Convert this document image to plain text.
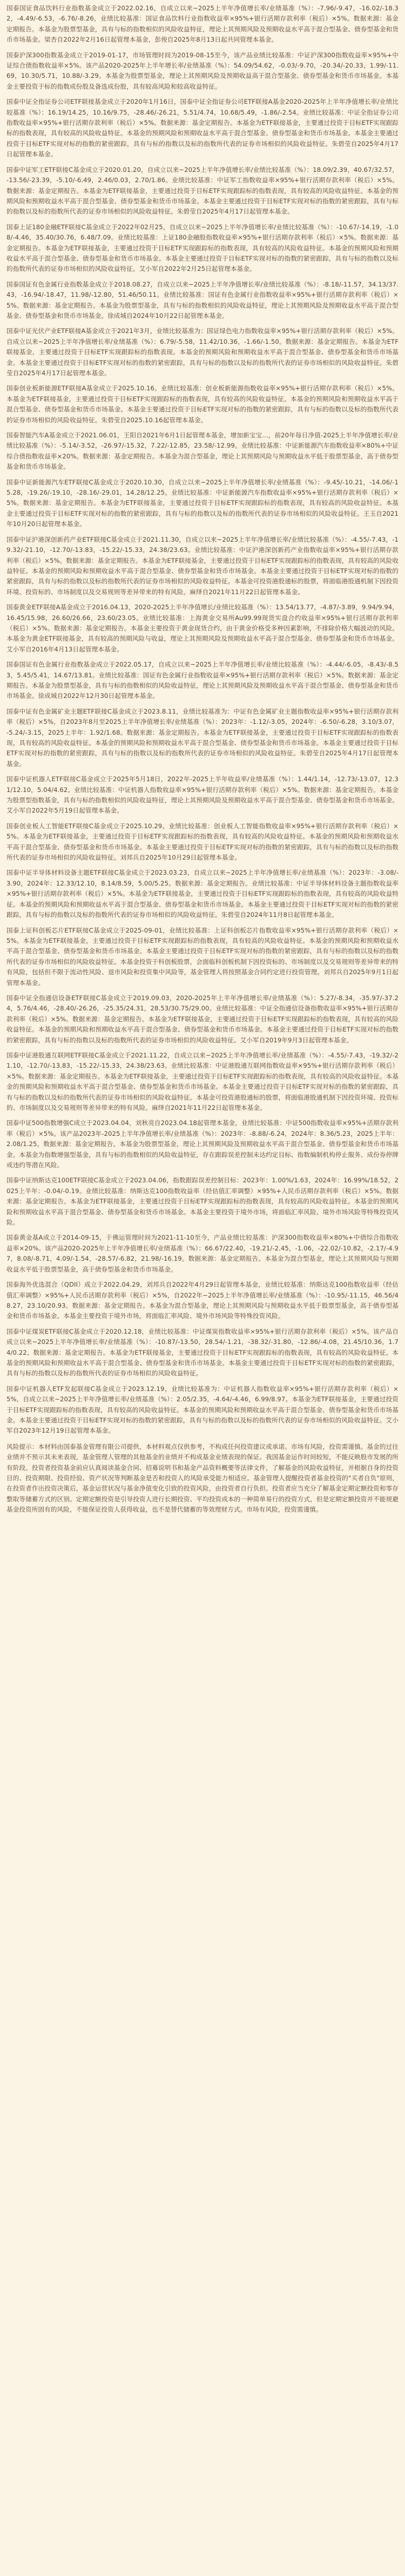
国泰国证食品饮料行业指数基金成立于2022.02.16，自成立以来~2025上半年净值增长率/业绩基准（%）：-7.96/-9.47，-16.02/-18.32，-4.49/-6.53，-6.76/-8.26，业绩比较基准：国证食品饮料行业指数收益率×95%+银行活期存款利率（税后）×5%。数据来源：基金定期报告。本基金为股票型基金，具有与标的指数相似的风险收益特征，理论上其预期风险及预期收益水平高于混合型基金、债券型基金和货币市场基金。梁杏自2022年2月16日起管理本基金，彭俊自2025年8月13日起共同管理本基金。

国泰沪深300指数基金成立于2019-01-17，市场管理时间为2019-08-15至今，该产品业绩比较基准：中证沪深300指数收益率×95%+中证综合债指数收益率×5%。该产品2020-2025年上半年增长率/业绩基准（%）：54.09/54.62，-0.03/-9.70，-20.34/-20.33，1.99/-11.69，10.30/5.71，10.88/-3.29。本基金为股票型基金，理论上其预期风险及预期收益高于混合型基金、债券型基金和货币市场基金。本基金主要投资于标的指数成份股及备选成份股，具有较高风险和较高收益特征。

国泰中证全指证券公司ETF联接基金成立于2020年1月16日，国泰中证全指证券公司ETF联接A基金2020-2025年上半年净值增长率/业绩比较基准（%）：16.19/14.25，10.16/9.75，-28.46/-26.21，5.51/4.74，10.68/5.49，-1.86/-2.54。业绩比较基准：中证全指证券公司指数收益率×95%+银行活期存款利率（税后）×5%。数据来源：基金定期报告。本基金为ETF联接基金，主要通过投资于目标ETF实现跟踪标的指数表现，具有较高的风险收益特征。本基金的预期风险和预期收益水平高于混合型基金、债券型基金和货币市场基金。本基金主要通过投资于目标ETF实现对标的指数的紧密跟踪，具有与标的指数以及标的指数所代表的证券市场相似的风险收益特征。朱碧莹自2025年4月17日起管理本基金。

国泰中证军工ETF联接C基金成立于2020.01.20，自成立以来~2025上半年净值增长率/业绩比较基准（%）：18.09/2.39，40.67/32.57，-13.56/-23.39，-5.10/-6.49，2.46/0.03，2.70/1.86。业绩比较基准：中证军工指数收益率×95%+银行活期存款利率（税后）×5%。数据来源：基金定期报告。本基金为ETF联接基金，主要通过投资于目标ETF实现跟踪标的指数表现，具有较高的风险收益特征。本基金的预期风险和预期收益水平高于混合型基金、债券型基金和货币市场基金。本基金主要通过投资于目标ETF实现对标的指数的紧密跟踪，具有与标的指数以及标的指数所代表的证券市场相似的风险收益特征。朱碧莹自2025年4月17日起管理本基金。

国泰上证180金融ETF联接C基金成立于2022年02月25，自成立以来~2025上半年净值增长率/业绩比较基准（%）：-10.67/-14.19，-1.08/-4.46，35.40/30.76，6.48/7.09。业绩比较基准：上证180金融股指数收益率×95%+银行活期存款利率（税后）×5%。数据来源：基金定期报告。本基金为ETF联接基金，主要通过投资于目标ETF实现跟踪标的指数表现，具有较高的风险收益特征。本基金的预期风险和预期收益水平高于混合型基金、债券型基金和货币市场基金。本基金主要通过投资于目标ETF实现对标的指数的紧密跟踪，具有与标的指数以及标的指数所代表的证券市场相似的风险收益特征。艾小军自2022年2月25日起管理本基金。

国泰国证有色金属行业指数基金成立于2018.08.27，自成立以来~2025上半年净值增长率/业绩比较基准（%）：-8.18/-11.57，34.13/37.43，-16.94/-18.47，11.98/-12.80，51.46/50.11。业绩比较基准：国证有色金属行业指数收益率×95%+银行活期存款利率（税后）×5%。数据来源：基金定期报告。本基金为股票型基金，具有与标的指数相似的风险收益特征，理论上其预期风险及预期收益水平高于混合型基金、债券型基金和货币市场基金。徐成城自2024年10月22日起管理本基金。

国泰中证光伏产业ETF联接A基金成立于2021年3月，业绩比较基准为：国证绿色电力指数收益率×95%+银行活期存款利率（税后）×5%。自成立以来~2025上半年净值增长率/业绩基准（%）：6.79/-5.58，11.42/10.36，-1.66/-1.50。数据来源：基金定期报告。本基金为ETF联接基金，主要通过投资于目标ETF实现跟踪标的指数表现。本基金的预期风险和预期收益水平高于混合型基金、债券型基金和货币市场基金。本基金主要通过投资于目标ETF实现对标的指数的紧密跟踪，具有与标的指数以及标的指数所代表的证券市场相似的风险收益特征。朱碧莹自2025年4月17日起管理本基金。

国泰创业板新能源ETF联接A基金成立于2025.10.16。业绩比较基准：创业板新能源指数收益率×95%+银行活期存款利率（税后）×5%。本基金为ETF联接基金，主要通过投资于目标ETF实现跟踪标的指数表现，具有较高的风险收益特征。本基金的预期风险和预期收益水平高于混合型基金、债券型基金和货币市场基金。本基金主要通过投资于目标ETF实现对标的指数的紧密跟踪，具有与标的指数以及标的指数所代表的证券市场相似的风险收益特征。朱碧莹自2025.10.16起管理本基金。

国泰智能汽车A基金成立于2021.06.01，王阳自2021年6月1日起管理本基金，增加新宝宝...，前20年每日净值-2025上半年净值增长率/业绩比较基准（%）：-5.14/-3.52，-26.97/-15.32，7.22/-12.85，23.58/-12.99。业绩比较基准：中证新能源汽车指数收益率×80%+中证综合债指数收益率×20%。数据来源：基金定期报告。本基金为混合型基金，理论上其预期风险与预期收益水平低于股票型基金，高于债券型基金和货币市场基金。

国泰中证新能源汽车ETF联接C基金成立于2020.10.30，自成立以来~2025上半年净值增长率/业绩基准（%）：-9.45/-10.21，-14.06/-15.28，-19.26/-19.10，-28.16/-29.01，14.28/12.25。业绩比较基准：中证新能源汽车指数收益率×95%+银行活期存款利率（税后）×5%。数据来源：基金定期报告。本基金为ETF联接基金，主要通过投资于目标ETF实现跟踪标的指数表现，具有较高的风险收益特征。本基金主要通过投资于目标ETF实现对标的指数的紧密跟踪，具有与标的指数以及标的指数所代表的证券市场相似的风险收益特征。王玉自2021年10月20日起管理本基金。

国泰中证沪港深创新药产业ETF联接C基金成立于2021.11.30，自成立以来~2025上半年净值增长率/业绩比较基准（%）：-4.55/-7.43，-19.32/-21.10，-12.70/-13.83，-15.22/-15.33，24.38/23.63。业绩比较基准：中证沪港深创新药产业指数收益率×95%+银行活期存款利率（税后）×5%。数据来源：基金定期报告。本基金为ETF联接基金，主要通过投资于目标ETF实现跟踪标的指数表现，具有较高的风险收益特征。本基金的预期风险和预期收益水平高于混合型基金、债券型基金和货币市场基金。本基金主要通过投资于目标ETF实现对标的指数的紧密跟踪，具有与标的指数以及标的指数所代表的证券市场相似的风险收益特征。本基金可投资港股通标的股票，将面临港股通机制下因投资环境、投资标的、市场制度以及交易规则等差异带来的特有风险。麻绎自2021年11月22日起管理本基金。

国泰黄金ETF联接A基金成立于2016.04.13，2020-2025上半年净值增长/业绩比较基准（%）：13.54/13.77，-4.87/-3.89，9.94/9.94，16.45/15.98，26.60/26.66，23.60/23.05。业绩比较基准：上海黄金交易所Au99.99现货实盘合约收益率×95%+银行活期存款利率（税后）×5%。数据来源：基金定期报告。本基金主要投资于黄金现货合约，由于黄金价格受多种因素影响，不排除价格大幅波动的风险。本基金为黄金ETF联接基金，具有较高的预期风险与收益，理论上其预期风险及预期收益水平高于混合型基金、债券型基金和货币市场基金。艾小军自2016年4月13日起管理本基金。

国泰国证有色金属行业指数基金成立于2022.05.17，自成立以来~2025上半年净值增长率/业绩比较基准（%）：-4.44/-6.05，-8.43/-8.53，5.45/5.41，14.67/13.81。业绩比较基准：国证有色金属行业指数收益率×95%+银行活期存款利率（税后）×5%。数据来源：基金定期报告。本基金为股票型基金，具有与标的指数相似的风险收益特征，理论上其预期风险及预期收益水平高于混合型基金、债券型基金和货币市场基金。徐成城自2022年12月30日起管理本基金。

国泰中证有色金属矿业主题ETF联接C基金成立于2023.8.11，业绩比较基准为：中证有色金属矿业主题指数收益率×95%+银行活期存款利率（税后）×5%，自2023年8月至2025上半年净值增长率/业绩基准（%）：2023年：-1.12/-3.05，2024年：-6.50/-6.28，3.10/3.07，-5.24/-3.15，2025上半年：1.92/1.68。数据来源：基金定期报告。本基金为ETF联接基金，主要通过投资于目标ETF实现跟踪标的指数表现，具有较高的风险收益特征。本基金的预期风险和预期收益水平高于混合型基金、债券型基金和货币市场基金。本基金主要通过投资于目标ETF实现对标的指数的紧密跟踪，具有与标的指数以及标的指数所代表的证券市场相似的风险收益特征。朱碧莹自2025年4月17日起管理本基金。

国泰中证机器人ETF联接C基金成立于2025年5月18日，2022年-2025上半年收益率/业绩基准（%）：1.44/1.14，-12.73/-13.07，12.31/12.10，5.04/4.62。业绩比较基准：中证机器人指数收益率×95%+银行活期存款利率（税后）×5%。数据来源：基金定期报告。本基金为股票型指数基金，具有与标的指数相似的风险收益特征，理论上其预期风险及预期收益水平高于混合型基金、债券型基金和货币市场基金。艾小军自2022年5月19日起管理本基金。

国泰创业板人工智能ETF联接C基金成立于2025.10.29。业绩比较基准：创业板人工智能指数收益率×95%+银行活期存款利率（税后）×5%。本基金为ETF联接基金，主要通过投资于目标ETF实现跟踪标的指数表现，具有较高的风险收益特征。本基金的预期风险和预期收益水平高于混合型基金、债券型基金和货币市场基金。本基金主要通过投资于目标ETF实现对标的指数的紧密跟踪，具有与标的指数以及标的指数所代表的证券市场相似的风险收益特征。刘邦兵自2025年10月29日起管理本基金。

国泰中证半导体材料设备主题ETF联接C基金成立于2023.03.23，自成立以来~2025上半年净值增长率/业绩基准（%）：2023年：-3.08/-3.90，2024年：12.33/12.10，8.14/8.59，5.00/5.25。数据来源：基金定期报告。业绩比较基准：中证半导体材料设备主题指数收益率×95%+银行活期存款利率（税后）×5%。本基金为ETF联接基金，主要通过投资于目标ETF实现跟踪标的指数表现，具有较高的风险收益特征。本基金的预期风险和预期收益水平高于混合型基金、债券型基金和货币市场基金。本基金主要通过投资于目标ETF实现对标的指数的紧密跟踪，具有与标的指数以及标的指数所代表的证券市场相似的风险收益特征。朱碧莹自2024年11月8日起管理本基金。

国泰上证科创板芯片ETF联接C基金成立于2025-09-01，业绩比较基准：上证科创板芯片指数收益率×95%+银行活期存款利率（税后）×5%。本基金为ETF联接基金，主要通过投资于目标ETF实现跟踪标的指数表现，具有较高的风险收益特征。本基金的预期风险和预期收益水平高于混合型基金、债券型基金和货币市场基金。本基金主要通过投资于目标ETF实现对标的指数的紧密跟踪，具有与标的指数以及标的指数所代表的证券市场相似的风险收益特征。本基金投资于科创板股票，会面临科创板机制下因投资标的、市场制度以及交易规则等差异带来的特有风险，包括但不限于流动性风险、退市风险和投资集中风险等，基金管理人将按照基金合同约定进行投资管理。刘邦兵自2025年9月1日起管理本基金。

国泰中证全指通信设备ETF联接C基金成立于2019.09.03，2020-2025年上半年净值增长率/业绩基准（%）：5.27/-8.34，-35.97/-37.24，5.76/4.46，-28.40/-26.26，-25.35/24.31，28.53/30.75/29.00。业绩比较基准：中证全指通信设备指数收益率×95%+银行活期存款利率（税后）×5%。数据来源：基金定期报告。本基金为ETF联接基金，主要通过投资于目标ETF实现跟踪标的指数表现，具有较高的风险收益特征。本基金的预期风险和预期收益水平高于混合型基金、债券型基金和货币市场基金。本基金主要通过投资于目标ETF实现对标的指数的紧密跟踪，具有与标的指数以及标的指数所代表的证券市场相似的风险收益特征。艾小军自2019年9月3日起管理本基金。

国泰中证港股通互联网ETF联接C基金成立于2021.11.22，自成立以来~2025上半年净值增长率/业绩基准（%）：-4.55/-7.43，-19.32/-21.10，-12.70/-13.83，-15.22/-15.33，24.38/23.63。业绩比较基准：中证港股通互联网指数收益率×95%+银行活期存款利率（税后）×5%。数据来源：基金定期报告。本基金为ETF联接基金，主要通过投资于目标ETF实现跟踪标的指数表现，具有较高的风险收益特征。本基金的预期风险和预期收益水平高于混合型基金、债券型基金和货币市场基金。本基金主要通过投资于目标ETF实现对标的指数的紧密跟踪，具有与标的指数以及标的指数所代表的证券市场相似的风险收益特征。本基金可投资港股通标的股票，将面临港股通机制下因投资环境、投资标的、市场制度以及交易规则等差异带来的特有风险。麻绎自2021年11月22日起管理本基金。

国泰中证500指数增强C成立于2023.04.04，刘秋亮自2023.04.18起管理本基金，业绩比较基准：中证500指数收益率×95%+活期存款利率（税后）×5%。该产品2023年-2025上半年净值增长率/业绩基准（%）：2023年：-8.88/-6.24，2024年：8.36/5.23，2025上半年：2.08/1.25。数据来源：基金定期报告。本基金为股票型基金，理论上其预期风险及预期收益水平高于混合型基金、债券型基金和货币市场基金。本基金为指数增强型基金，具有与标的指数相似的风险收益特征，存在跟踪误差控制未达约定目标、指数编制机构停止服务、成份券停牌或违约等潜在风险。

国泰中证纳斯达克100ETF联接C基金成立于2023.04.06，指数跟踪误差控制目标：2023年：1.00%/1.63，2024年：16.99%/18.52，2025上半年：-0.04/-0.19。业绩比较基准：纳斯达克100指数收益率（经估值汇率调整）×95%+人民币活期存款利率（税后）×5%。数据来源：基金定期报告。本基金为ETF联接基金，主要通过投资于目标ETF实现跟踪标的指数表现，具有较高的风险收益特征。本基金的预期风险和预期收益水平高于混合型基金、债券型基金和货币市场基金。本基金主要投资于境外市场，将面临汇率风险、境外市场风险等特殊投资风险。

国泰黄金基A成立于2014-09-15，于佛运管理时间为2021-11-10至今，产品业绩比较基准：沪深300指数收益率×80%+中债综合指数收益率×20%。该产品2020-2025年上半年净值增长率/业绩基准（%）：66.67/22.40，-19.21/-2.45，-1.06，-22.02/-10.82，-2.17/-4.97，8.08/-8.71，4.09/-1.54，-28.57/-6.82，21.98/-16.19。数据来源：基金定期报告。本基金为混合型基金，理论上其预期风险与预期收益水平低于股票型基金，高于债券型基金和货币市场基金。

国泰海外优选混合（QDII）成立于2022.04.29，刘邦兵自2022年4月29日起管理本基金，业绩比较基准：纳斯达克100指数收益率（经估值汇率调整）×95%+人民币活期存款利率（税后）×5%，自2022年~2025上半年净值增长率/业绩基准（%）：-10.95/-11.15，46.56/48.27，23.10/20.93。数据来源：基金定期报告。本基金为混合型基金，理论上其预期风险与预期收益水平低于股票型基金，高于债券型基金和货币市场基金。本基金主要投资于境外市场，将面临汇率风险、境外市场风险等特殊投资风险。

国泰中证煤炭ETF联接C基金成立于2020.12.18，业绩比较基准：中证煤炭指数收益率×95%+银行活期存款利率（税后）×5%。该产品自成立以来~2025上半年净值增长率/业绩基准（%）：-10.87/-13.50，28.54/-1.21，-38.32/-31.80，-12.86/-4.08，21.45/10.36，1.74/0.22。数据来源：基金定期报告。本基金为ETF联接基金，主要通过投资于目标ETF实现跟踪标的指数表现，具有较高的风险收益特征。本基金的预期风险和预期收益水平高于混合型基金、债券型基金和货币市场基金。本基金主要通过投资于目标ETF实现对标的指数的紧密跟踪，具有与标的指数以及标的指数所代表的证券市场相似的风险收益特征。

国泰中证机器人ETF发起联接C基金成立于2023.12.19，业绩比较基准为：中证机器人指数收益率×95%+银行活期存款利率（税后）×5%，自成立以来~2025上半年净值增长率/业绩基准（%）：2.05/2.35，-4.64/-4.46，6.99/8.97。本基金为ETF联接基金，主要通过投资于目标ETF实现跟踪标的指数表现，具有较高的风险收益特征。本基金的预期风险和预期收益水平高于混合型基金、债券型基金和货币市场基金。本基金主要通过投资于目标ETF实现对标的指数的紧密跟踪，具有与标的指数以及标的指数所代表的证券市场相似的风险收益特征。艾小军自2023年12月19日起管理本基金。

风险提示：本材料由国泰基金管理有限公司提供，本材料观点仅供参考，不构成任何投资建议或承诺。市场有风险，投资需谨慎。基金的过往业绩并不预示其未来表现，基金管理人管理的其他基金的业绩并不构成基金业绩表现的保证。我国基金运作时间较短，不能反映股市发展的所有阶段。投资者投资基金前应认真阅读基金合同、招募说明书和基金产品资料概要等法律文件，了解基金的风险收益特征，并根据自身的投资目的、投资期限、投资经验、资产状况等判断基金是否和投资人的风险承受能力相适应。基金管理人提醒投资者基金投资的"买者自负"原则，在投资者作出投资决策后，基金运营状况与基金净值变化引致的投资风险，由投资者自行负担。投资者应当充分了解基金定期定额投资和零存整取等储蓄方式的区别。定期定额投资是引导投资人进行长期投资、平均投资成本的一种简单易行的投资方式，但是定期定额投资并不能规避基金投资所固有的风险，不能保证投资人获得收益，也不是替代储蓄的等效理财方式。市场有风险，投资需谨慎。
